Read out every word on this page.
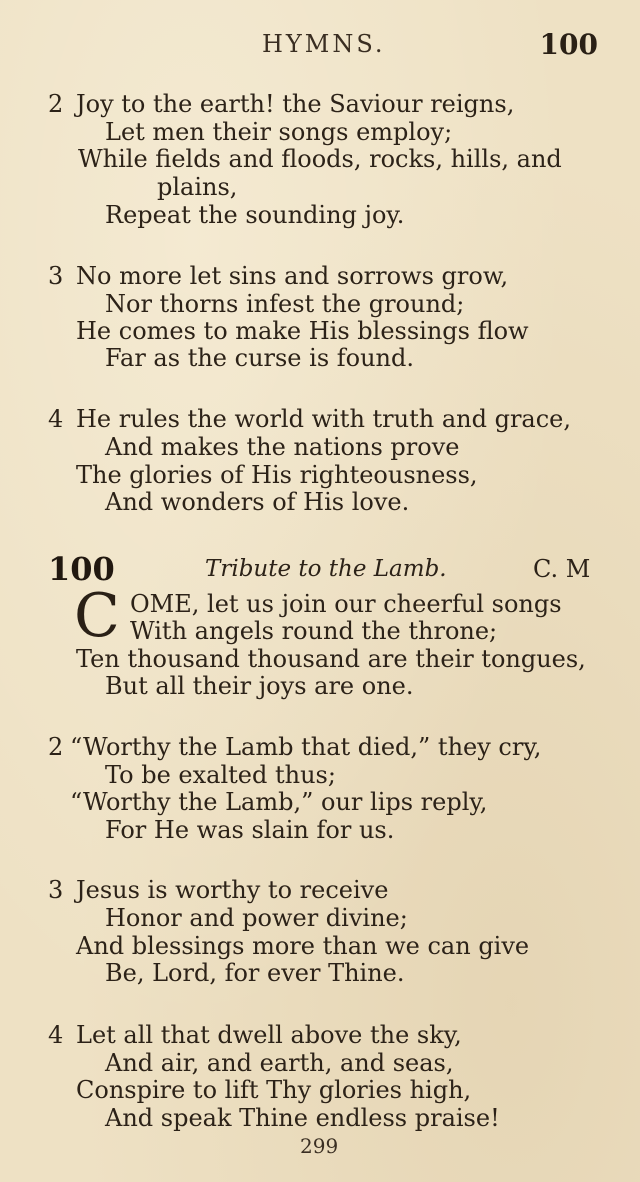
HYMNS.	100
2 Joy to the earth! the Saviour reigns,
Let men their songs employ;
While fields and floods, rocks, hills, and
plains,
Repeat the sounding joy.
3 No more let sins and sorrows grow,
Nor thorns infest the ground;
He comes to make His blessings flow
Far as the curse is found.
4 He rules the world with truth and grace,
And makes the nations prove
The glories of His righteousness,
And wonders of His love.
100	Tribute to the Lamb.	C. M
C OME, let us join our cheerful songs
With angels round the throne;
Ten thousand thousand are their tongues,
But all their joys are one.
2 “Worthy the Lamb that died,” they cry,
To be exalted thus;
“Worthy the Lamb,” our lips reply,
For He was slain for us.
3 Jesus is worthy to receive
Honor and power divine;
And blessings more than we can give
Be, Lord, for ever Thine.
4 Let all that dwell above the sky,
And air, and earth, and seas,
Conspire to lift Thy glories high,
And speak Thine endless praise!
299
